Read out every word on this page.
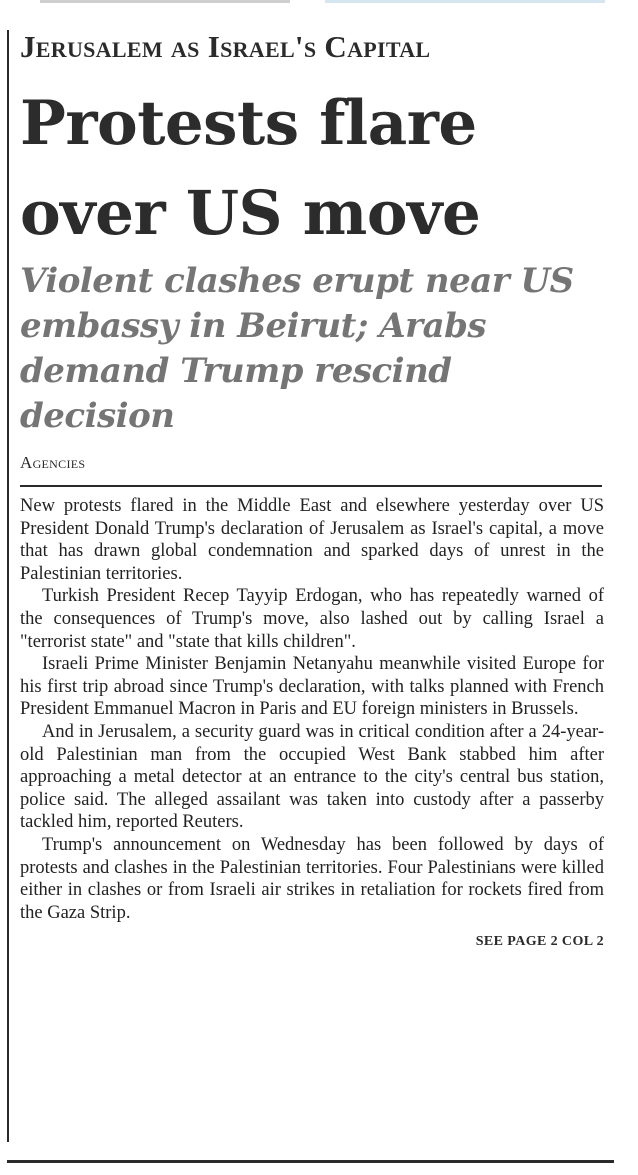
Jerusalem as Israel's Capital
Protests flare over US move
Violent clashes erupt near US embassy in Beirut; Arabs demand Trump rescind decision
Agencies

New protests flared in the Middle East and elsewhere yesterday over US President Donald Trump's declaration of Jerusalem as Israel's capital, a move that has drawn global condemnation and sparked days of unrest in the Palestinian territories.

Turkish President Recep Tayyip Erdogan, who has repeatedly warned of the consequences of Trump's move, also lashed out by calling Israel a "terrorist state" and "state that kills children".

Israeli Prime Minister Benjamin Netanyahu meanwhile visited Europe for his first trip abroad since Trump's declaration, with talks planned with French President Emmanuel Macron in Paris and EU foreign ministers in Brussels.

And in Jerusalem, a security guard was in critical condition after a 24-year-old Palestinian man from the occupied West Bank stabbed him after approaching a metal detector at an entrance to the city's central bus station, police said. The alleged assailant was taken into custody after a passerby tackled him, reported Reuters.

Trump's announcement on Wednesday has been followed by days of protests and clashes in the Palestinian territories. Four Palestinians were killed either in clashes or from Israeli air strikes in retaliation for rockets fired from the Gaza Strip.

SEE PAGE 2 COL 2
